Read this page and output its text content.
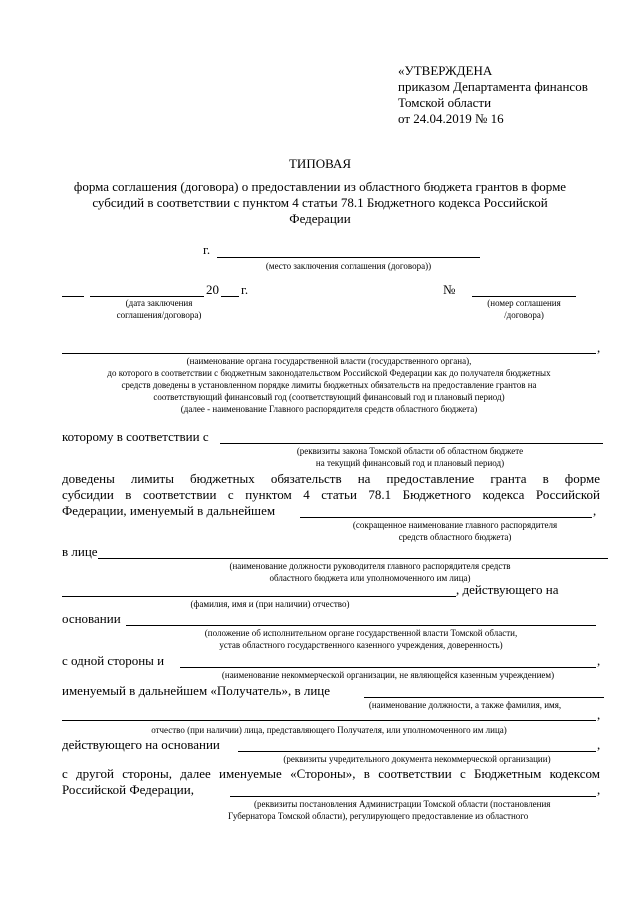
«УТВЕРЖДЕНА
приказом Департамента финансов
Томской области
от 24.04.2019 № 16
ТИПОВАЯ
форма соглашения (договора) о предоставлении из областного бюджета грантов в форме
субсидий в соответствии с пунктом 4 статьи 78.1 Бюджетного кодекса Российской
Федерации
г.
(место заключения соглашения (договора))
20 г.
(дата заключения
соглашения/договора)
№
(номер соглашения
/договора)
,
(наименование органа государственной власти (государственного органа),
до которого в соответствии с бюджетным законодательством Российской Федерации как до получателя бюджетных
средств доведены в установленном порядке лимиты бюджетных обязательств на предоставление грантов на
соответствующий финансовый год (соответствующий финансовый год и плановый период)
(далее - наименование Главного распорядителя средств областного бюджета)
которому в соответствии с
(реквизиты закона Томской области об областном бюджете
на текущий финансовый год и плановый период)
доведены лимиты бюджетных обязательств на предоставление гранта в форме
субсидии в соответствии с пунктом 4 статьи 78.1 Бюджетного кодекса Российской
Федерации, именуемый в дальнейшем	,
(сокращенное наименование главного распорядителя
средств областного бюджета)
в лице
(наименование должности руководителя главного распорядителя средств
областного бюджета или уполномоченного им лица)
, действующего на
(фамилия, имя и (при наличии) отчество)
основании
(положение об исполнительном органе государственной власти Томской области,
устав областного государственного казенного учреждения, доверенность)
с одной стороны и	,
(наименование некоммерческой организации, не являющейся казенным учреждением)
именуемый в дальнейшем «Получатель», в лице
(наименование должности, а также фамилия, имя,
,
отчество (при наличии) лица, представляющего Получателя, или уполномоченного им лица)
действующего на основании	,
(реквизиты учредительного документа некоммерческой организации)
с другой стороны, далее именуемые «Стороны», в соответствии с Бюджетным кодексом
Российской Федерации,	,
(реквизиты постановления Администрации Томской области (постановления
Губернатора Томской области), регулирующего предоставление из областного
